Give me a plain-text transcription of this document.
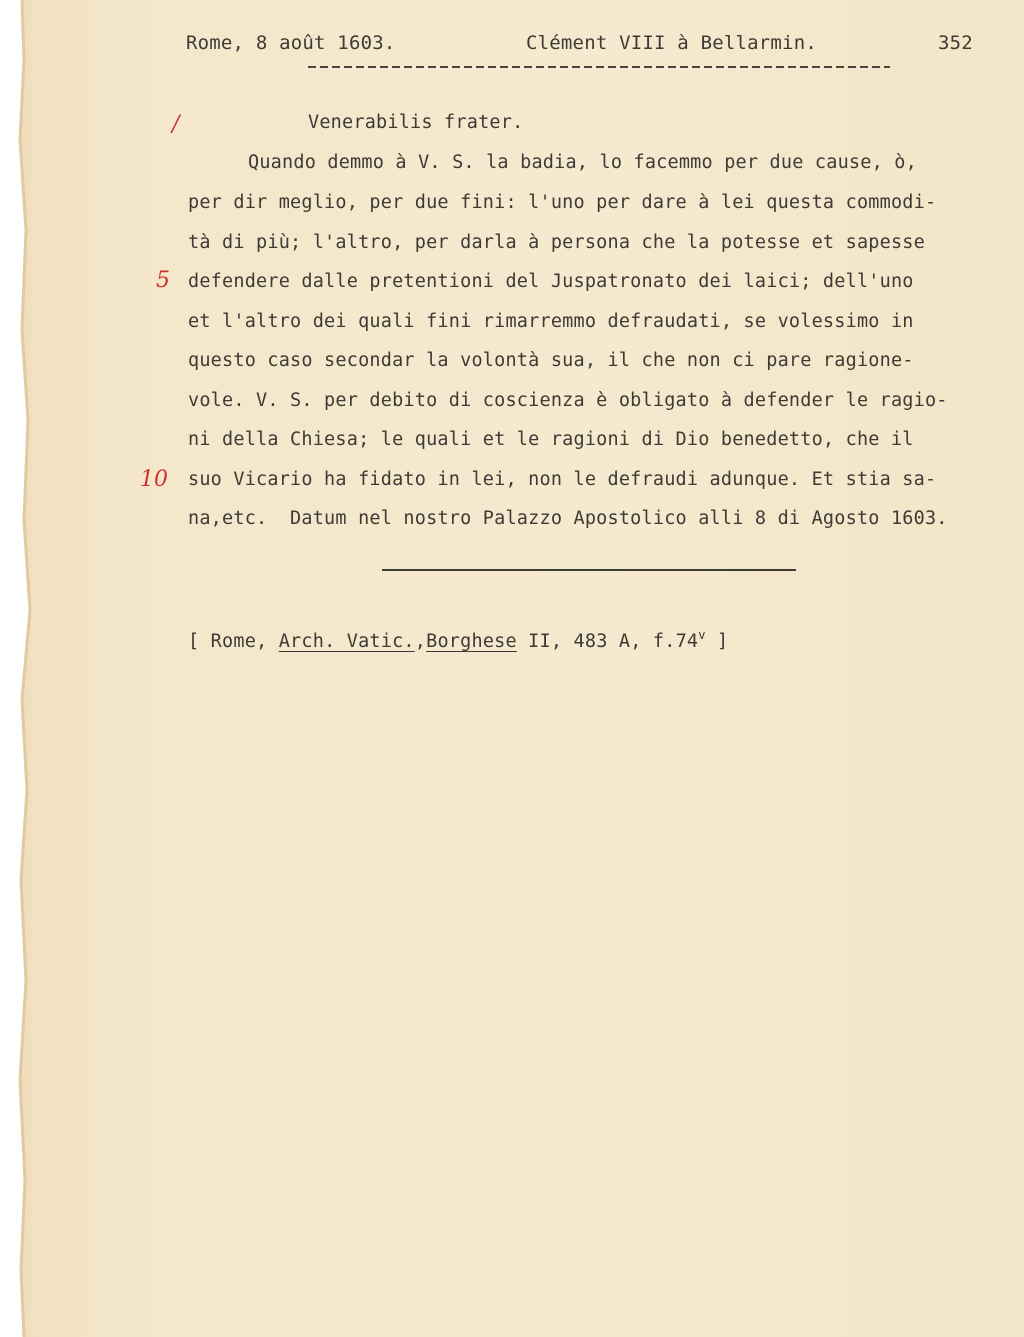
Rome, 8 août 1603.	Clément VIII à Bellarmin.	352
/
5
10
Venerabilis frater.
Quando demmo à V. S. la badia, lo facemmo per due cause, ò,
per dir meglio, per due fini: l'uno per dare à lei questa commodi-
tà di più; l'altro, per darla à persona che la potesse et sapesse
defendere dalle pretentioni del Juspatronato dei laici; dell'uno
et l'altro dei quali fini rimarremmo defraudati, se volessimo in
questo caso secondar la volontà sua, il che non ci pare ragione-
vole. V. S. per debito di coscienza è obligato à defender le ragio-
ni della Chiesa; le quali et le ragioni di Dio benedetto, che il
suo Vicario ha fidato in lei, non le defraudi adunque. Et stia sa-
na,etc.  Datum nel nostro Palazzo Apostolico alli 8 di Agosto 1603.
[ Rome, Arch. Vatic.,Borghese II, 483 A, f.74$^v$ ]
